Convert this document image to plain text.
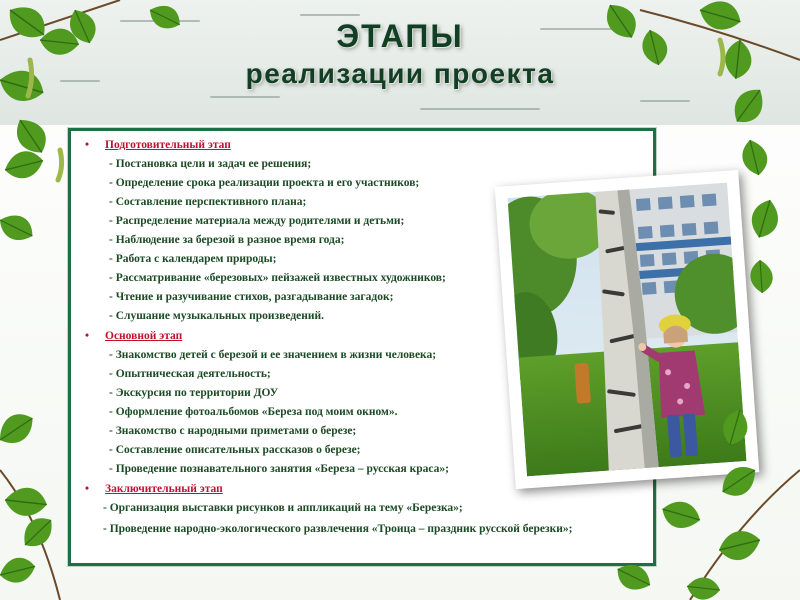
ЭТАПЫ
реализации проекта
• Подготовительный этап
- Постановка цели и задач ее решения;
- Определение срока реализации проекта и его участников;
- Составление перспективного плана;
- Распределение материала между родителями и детьми;
- Наблюдение за березой в разное время года;
- Работа с календарем природы;
- Рассматривание «березовых» пейзажей известных художников;
- Чтение и разучивание стихов, разгадывание загадок;
- Слушание музыкальных произведений.
• Основной этап
- Знакомство детей с березой и ее значением в жизни человека;
- Опытническая деятельность;
- Экскурсия по территории ДОУ
- Оформление фотоальбомов «Береза под моим окном».
- Знакомство с народными приметами о березе;
- Составление описательных рассказов о березе;
- Проведение познавательного занятия «Береза – русская краса»;
• Заключительный этап
- Организация выставки рисунков и аппликаций на тему «Березка»;
- Проведение народно-экологического развлечения «Троица – праздник русской березки»;
